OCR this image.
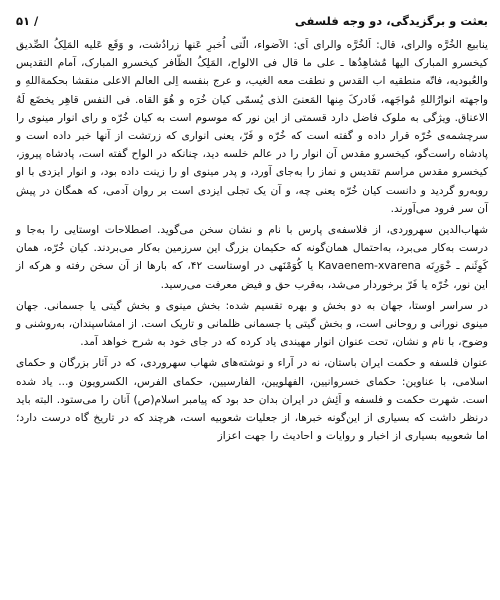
بعثت و برگزیدگی، دو وجه فلسفی
/ ۵۱

ینابیع الخُرَّه والرای، قال: اَلخُرَّه والرای اَی: الاَضواء، الّتی اُخبرِ عَنها زرادُشت، و وَقَع عَلیه المَلِکُ الصِّدیق کیخسرو المبارک الیها مُشاهِدُها ـ علی ما قال فی الالواح، المَلِکُ الظّافر کیخسرو المبارک، آمام التقدیس والعُبودیه، فاتّه منطقیه اب القدس و نطقت معه الغیب، و عرج بنفسه اِلی العالم الاعلی منقشا بحکمةاللهِ و واجهته انوارُاللهِ مُواجَهه، فَادرکَ مِنها المَعنیَ الذی یُسمّی کیان خُرَه و هُوَ القاه. فی النفس قاهِر یخضَع لَهُ الاعناق. ویژگی به ملوک فاضل دارد قسمتی از این نور که موسوم است به کیان خُرّه و رای انوار مینوی را سرچشمه‌ی خُرّه قرار داده و گفته است که خُرّه و فَرّ، یعنی انواری که زرتشت از آنها خبر داده است و پادشاه راست‌گو، کیخسرو مقدس آن انوار را در عالم خلسه دید، چنانکه در الواح گفته است، پادشاه پیروز، کیخسرو مقدس مراسم تقدیس و نماز را به‌جای آورد، و پدر مینوی او را زینت داده بود، و انوار ایزدی با او روبه‌رو گردید و دانست کیان خُرّه یعنی چه، و آن یک تجلی ایزدی است بر روان آدمی، که همگان در پیش آن سر فرود می‌آورند.

شهاب‌الدین سهروردی، از فلاسفه‌ی پارس با نام و نشان سخن می‌گوید. اصطلاحات اوستایی را به‌جا و درست به‌کار می‌برد، به‌احتمال همان‌گونه که حکیمان بزرگ این سرزمین به‌کار می‌بردند. کیان خُرّه، همان کَوِئَنم ـ خْوَرِنَه Kavaenem-xvarena یا کُوَمْنَهی در اوستاست ۴۲، که بارها از آن سخن رفته و هرکه از این نور، خُرّه یا فَرّ برخوردار می‌شد، به‌قرب حق و فیض معرفت می‌رسید.

در سراسر اوستا، جهان به دو بخش و بهره تقسیم شده: بخش مینوی و بخش گیتی یا جسمانی. جهان مینوی نورانی و روحانی است، و بخش گیتی یا جسمانی ظلمانی و تاریک است. از امشاسپندان، به‌روشنی و وضوح، با نام و نشان، تحت عنوان انوار مهیندی یاد کرده که در جای خود به شرح خواهد آمد.

عنوان فلسفه و حکمت ایران باستان، نه در آراء و نوشته‌های شهاب سهروردی، که در آثار بزرگان و حکمای اسلامی، با عناوین: حکمای خسروانیین، الفهلویین، الفارسیین، حکمای الفرس، الکسرویون و... یاد شده است. شهرت حکمت و فلسفه و اَئِش در ایران بدان حد بود که پیامبر اسلام(ص) آنان را می‌ستود. البته باید درنظر داشت که بسیاری از این‌گونه خبرها، از جعلیات شعوبیه است، هرچند که در تاریخ گاه درست دارد؛ اما شعوبیه بسیاری از اخبار و روایات و احادیث را جهت اعزاز
